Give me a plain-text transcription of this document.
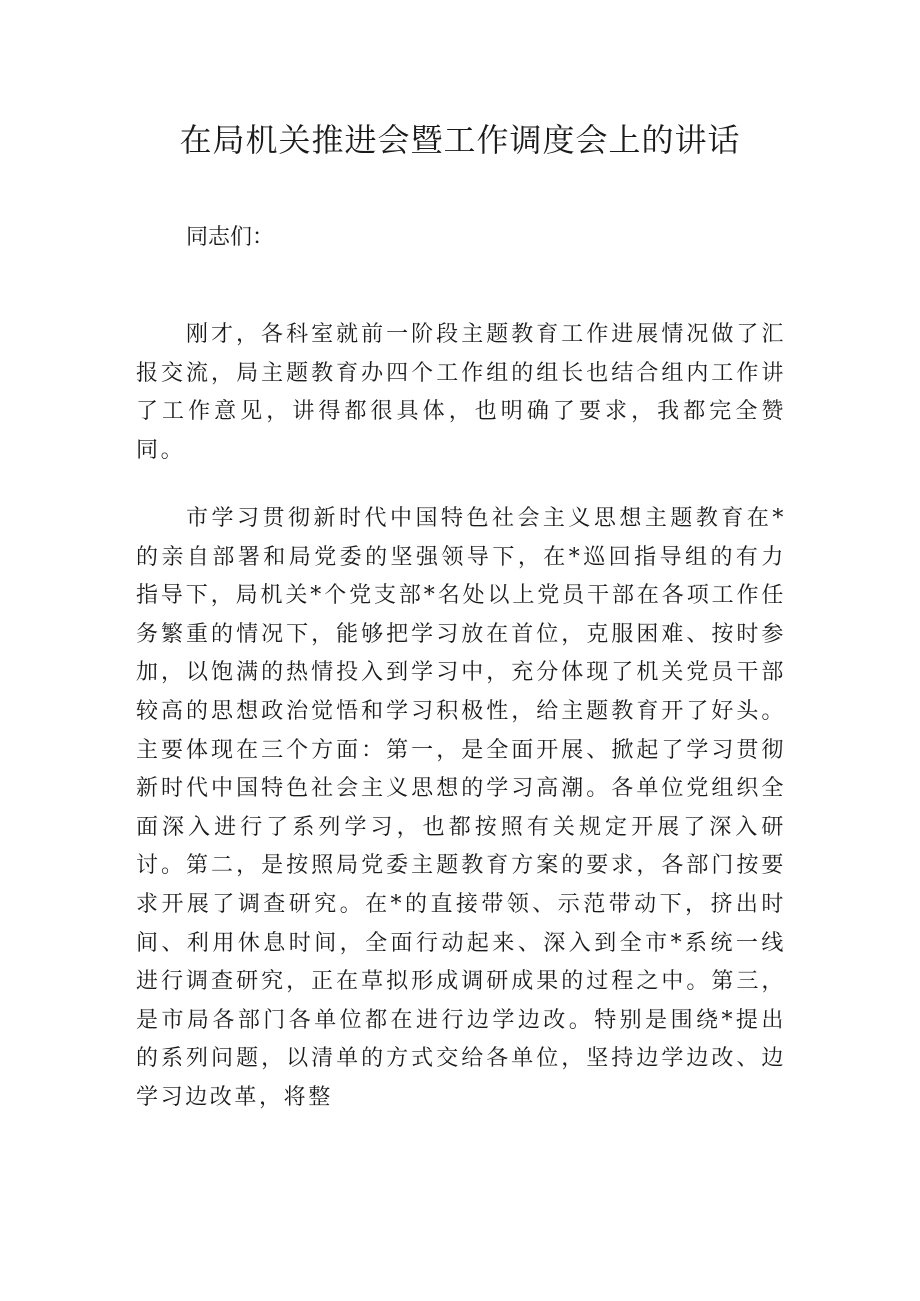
在局机关推进会暨工作调度会上的讲话

同志们：

刚才，各科室就前一阶段主题教育工作进展情况做了汇报交流，局主题教育办四个工作组的组长也结合组内工作讲了工作意见，讲得都很具体，也明确了要求，我都完全赞同。

市学习贯彻新时代中国特色社会主义思想主题教育在*的亲自部署和局党委的坚强领导下，在*巡回指导组的有力指导下，局机关*个党支部*名处以上党员干部在各项工作任务繁重的情况下，能够把学习放在首位，克服困难、按时参加，以饱满的热情投入到学习中，充分体现了机关党员干部较高的思想政治觉悟和学习积极性，给主题教育开了好头。主要体现在三个方面：第一，是全面开展、掀起了学习贯彻新时代中国特色社会主义思想的学习高潮。各单位党组织全面深入进行了系列学习，也都按照有关规定开展了深入研讨。第二，是按照局党委主题教育方案的要求，各部门按要求开展了调查研究。在*的直接带领、示范带动下，挤出时间、利用休息时间，全面行动起来、深入到全市*系统一线进行调查研究，正在草拟形成调研成果的过程之中。第三，是市局各部门各单位都在进行边学边改。特别是围绕*提出的系列问题，以清单的方式交给各单位，坚持边学边改、边学习边改革，将整
